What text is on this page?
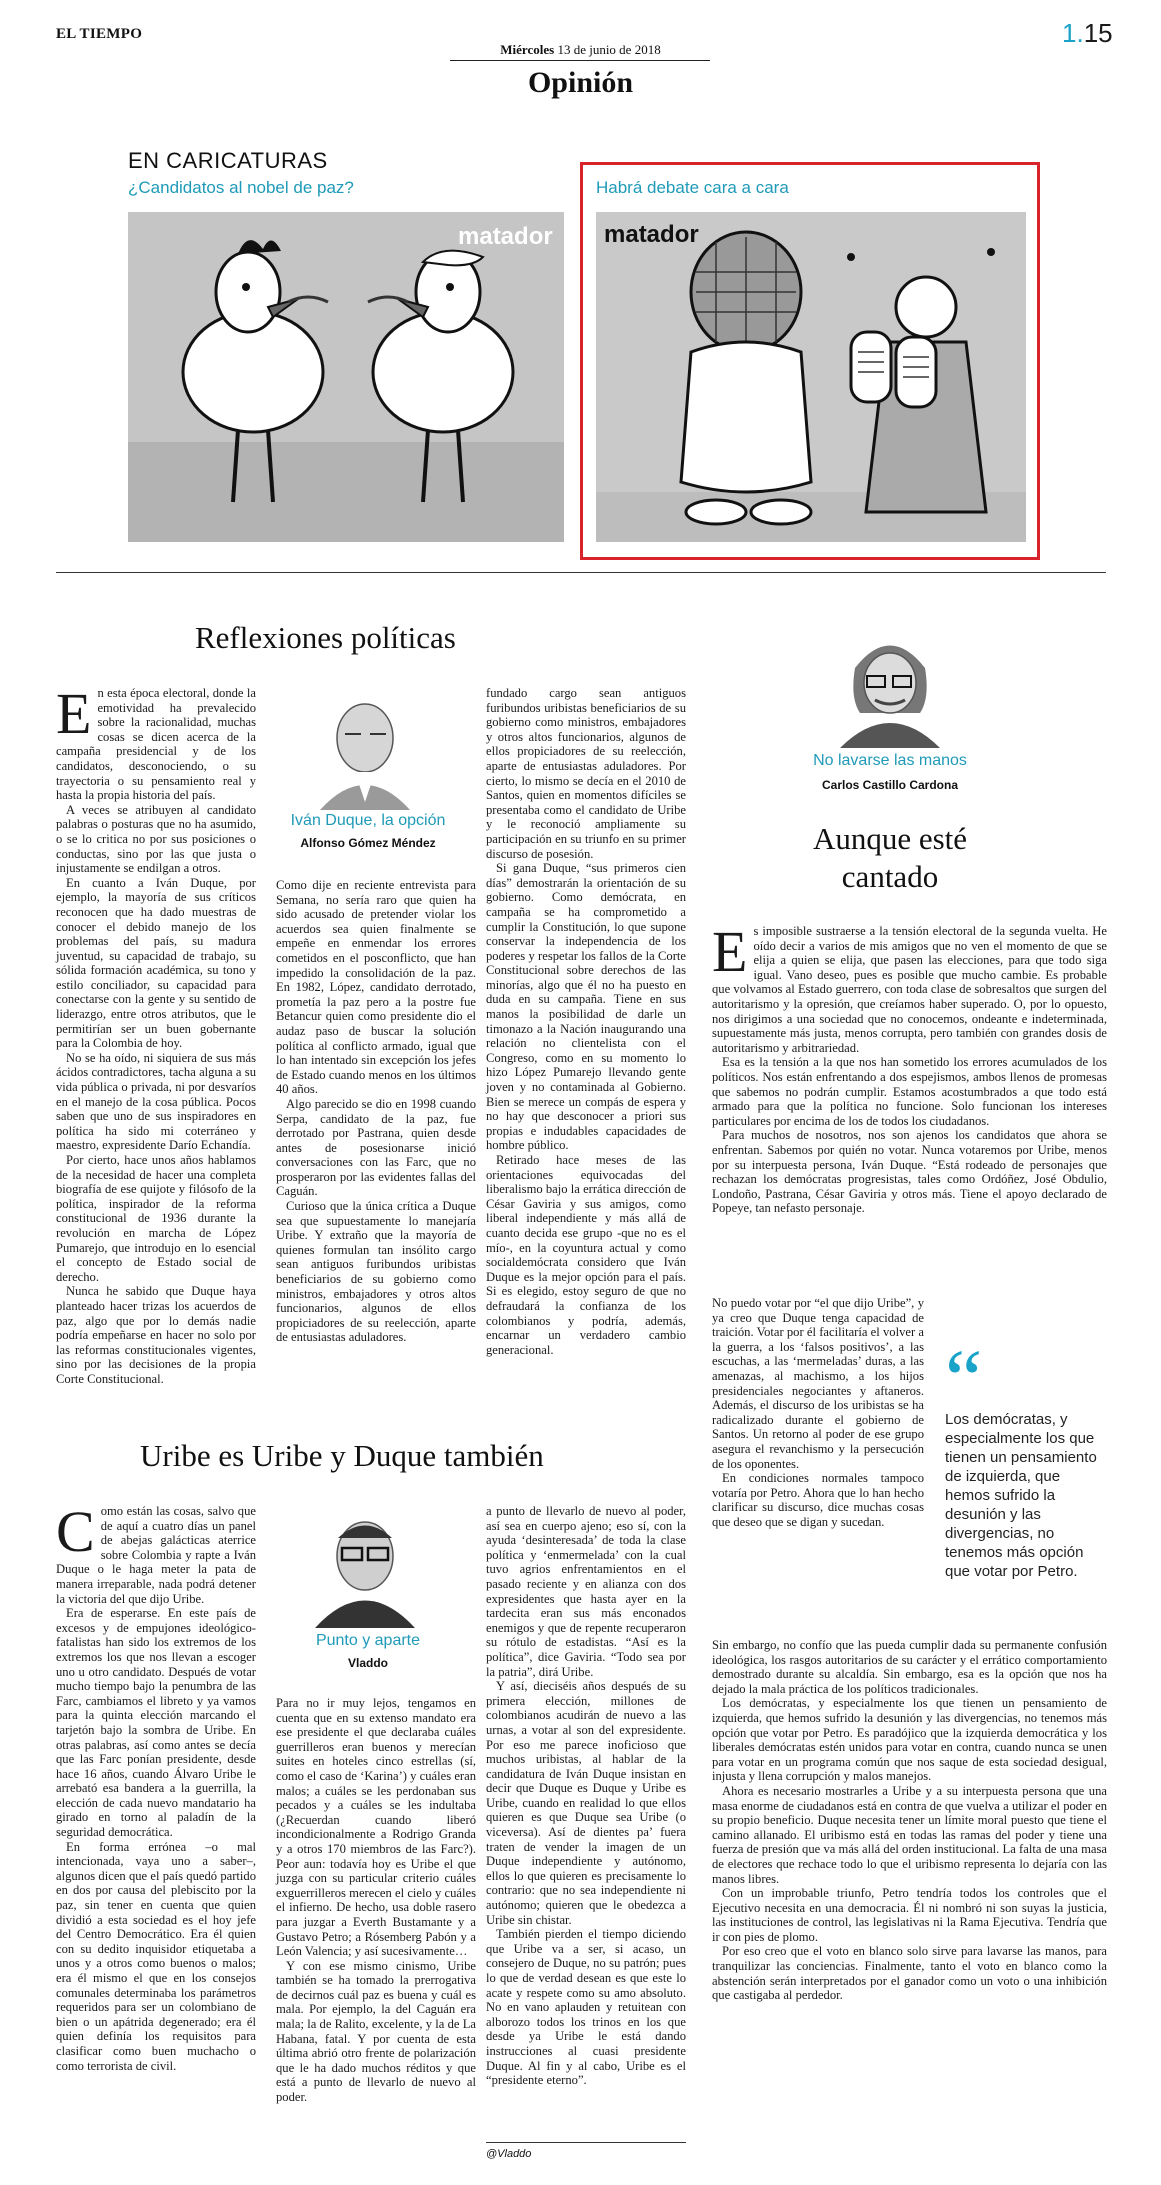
EL TIEMPO
Miércoles 13 de junio de 2018
1.15
Opinión
EN CARICATURAS
¿Candidatos al nobel de paz?
matador
Habrá debate cara a cara
matador
Reflexiones políticas
E n esta época electoral, donde la emotividad ha prevalecido sobre la racionalidad, muchas cosas se dicen acerca de la campaña presidencial y de los candidatos, desconociendo, o su trayectoria o su pensamiento real y hasta la propia historia del país.

A veces se atribuyen al candidato palabras o posturas que no ha asumido, o se lo critica no por sus posiciones o conductas, sino por las que justa o injustamente se endilgan a otros.

En cuanto a Iván Duque, por ejemplo, la mayoría de sus críticos reconocen que ha dado muestras de conocer el debido manejo de los problemas del país, su madura juventud, su capacidad de trabajo, su sólida formación académica, su tono y estilo conciliador, su capacidad para conectarse con la gente y su sentido de liderazgo, entre otros atributos, que le permitirían ser un buen gobernante para la Colombia de hoy.

No se ha oído, ni siquiera de sus más ácidos contradictores, tacha alguna a su vida pública o privada, ni por desvaríos en el manejo de la cosa pública. Pocos saben que uno de sus inspiradores en política ha sido mi coterráneo y maestro, expresidente Darío Echandía.

Por cierto, hace unos años hablamos de la necesidad de hacer una completa biografía de ese quijote y filósofo de la política, inspirador de la reforma constitucional de 1936 durante la revolución en marcha de López Pumarejo, que introdujo en lo esencial el concepto de Estado social de derecho.

Nunca he sabido que Duque haya planteado hacer trizas los acuerdos de paz, algo que por lo demás nadie podría empeñarse en hacer no solo por las reformas constitucionales vigentes, sino por las decisiones de la propia Corte Constitucional.

Iván Duque, la opción
Alfonso Gómez Méndez

Como dije en reciente entrevista para Semana, no sería raro que quien ha sido acusado de pretender violar los acuerdos sea quien finalmente se empeñe en enmendar los errores cometidos en el posconflicto, que han impedido la consolidación de la paz. En 1982, López, candidato derrotado, prometía la paz pero a la postre fue Betancur quien como presidente dio el audaz paso de buscar la solución política al conflicto armado, igual que lo han intentado sin excepción los jefes de Estado cuando menos en los últimos 40 años.

Algo parecido se dio en 1998 cuando Serpa, candidato de la paz, fue derrotado por Pastrana, quien desde antes de posesionarse inició conversaciones con las Farc, que no prosperaron por las evidentes fallas del Caguán.

Curioso que la única crítica a Duque sea que supuestamente lo manejaría Uribe. Y extraño que la mayoría de quienes formulan tan insólito cargo sean antiguos furibundos uribistas beneficiarios de su gobierno como ministros, embajadores y otros altos funcionarios, algunos de ellos propiciadores de su reelección, aparte de entusiastas aduladores.

fundado cargo sean antiguos furibundos uribistas beneficiarios de su gobierno como ministros, embajadores y otros altos funcionarios, algunos de ellos propiciadores de su reelección, aparte de entusiastas aduladores. Por cierto, lo mismo se decía en el 2010 de Santos, quien en momentos difíciles se presentaba como el candidato de Uribe y le reconoció ampliamente su participación en su triunfo en su primer discurso de posesión.

Si gana Duque, “sus primeros cien días” demostrarán la orientación de su gobierno. Como demócrata, en campaña se ha comprometido a cumplir la Constitución, lo que supone conservar la independencia de los poderes y respetar los fallos de la Corte Constitucional sobre derechos de las minorías, algo que él no ha puesto en duda en su campaña. Tiene en sus manos la posibilidad de darle un timonazo a la Nación inaugurando una relación no clientelista con el Congreso, como en su momento lo hizo López Pumarejo llevando gente joven y no contaminada al Gobierno. Bien se merece un compás de espera y no hay que desconocer a priori sus propias e indudables capacidades de hombre público.

Retirado hace meses de las orientaciones equivocadas del liberalismo bajo la errática dirección de César Gaviria y sus amigos, como liberal independiente y más allá de cuanto decida ese grupo -que no es el mío-, en la coyuntura actual y como socialdemócrata considero que Iván Duque es la mejor opción para el país. Si es elegido, estoy seguro de que no defraudará la confianza de los colombianos y podría, además, encarnar un verdadero cambio generacional.

Uribe es Uribe y Duque también
C omo están las cosas, salvo que de aquí a cuatro días un panel de abejas galácticas aterrice sobre Colombia y rapte a Iván Duque o le haga meter la pata de manera irreparable, nada podrá detener la victoria del que dijo Uribe.

Era de esperarse. En este país de excesos y de empujones ideológico-fatalistas han sido los extremos de los extremos los que nos llevan a escoger uno u otro candidato. Después de votar mucho tiempo bajo la penumbra de las Farc, cambiamos el libreto y ya vamos para la quinta elección marcando el tarjetón bajo la sombra de Uribe. En otras palabras, así como antes se decía que las Farc ponían presidente, desde hace 16 años, cuando Álvaro Uribe le arrebató esa bandera a la guerrilla, la elección de cada nuevo mandatario ha girado en torno al paladín de la seguridad democrática.

En forma errónea –o mal intencionada, vaya uno a saber–, algunos dicen que el país quedó partido en dos por causa del plebiscito por la paz, sin tener en cuenta que quien dividió a esta sociedad es el hoy jefe del Centro Democrático. Era él quien con su dedito inquisidor etiquetaba a unos y a otros como buenos o malos; era él mismo el que en los consejos comunales determinaba los parámetros requeridos para ser un colombiano de bien o un apátrida degenerado; era él quien definía los requisitos para clasificar como buen muchacho o como terrorista de civil.

Punto y aparte
Vladdo

Para no ir muy lejos, tengamos en cuenta que en su extenso mandato era ese presidente el que declaraba cuáles guerrilleros eran buenos y merecían suites en hoteles cinco estrellas (sí, como el caso de ‘Karina’) y cuáles eran malos; a cuáles se les perdonaban sus pecados y a cuáles se les indultaba (¿Recuerdan cuando liberó incondicionalmente a Rodrigo Granda y a otros 170 miembros de las Farc?). Peor aun: todavía hoy es Uribe el que juzga con su particular criterio cuáles exguerrilleros merecen el cielo y cuáles el infierno. De hecho, usa doble rasero para juzgar a Everth Bustamante y a Gustavo Petro; a Rósemberg Pabón y a León Valencia; y así sucesivamente…

Y con ese mismo cinismo, Uribe también se ha tomado la prerrogativa de decirnos cuál paz es buena y cuál es mala. Por ejemplo, la del Caguán era mala; la de Ralito, excelente, y la de La Habana, fatal. Y por cuenta de esta última abrió otro frente de polarización que le ha dado muchos réditos y que está a punto de llevarlo de nuevo al poder.

a punto de llevarlo de nuevo al poder, así sea en cuerpo ajeno; eso sí, con la ayuda ‘desinteresada’ de toda la clase política y ‘enmermelada’ con la cual tuvo agrios enfrentamientos en el pasado reciente y en alianza con dos expresidentes que hasta ayer en la tardecita eran sus más enconados enemigos y que de repente recuperaron su rótulo de estadistas. “Así es la política”, dice Gaviria. “Todo sea por la patria”, dirá Uribe.

Y así, dieciséis años después de su primera elección, millones de colombianos acudirán de nuevo a las urnas, a votar al son del expresidente. Por eso me parece inoficioso que muchos uribistas, al hablar de la candidatura de Iván Duque insistan en decir que Duque es Duque y Uribe es Uribe, cuando en realidad lo que ellos quieren es que Duque sea Uribe (o viceversa). Así de dientes pa’ fuera traten de vender la imagen de un Duque independiente y autónomo, ellos lo que quieren es precisamente lo contrario: que no sea independiente ni autónomo; quieren que le obedezca a Uribe sin chistar.

También pierden el tiempo diciendo que Uribe va a ser, si acaso, un consejero de Duque, no su patrón; pues lo que de verdad desean es que este lo acate y respete como su amo absoluto. No en vano aplauden y retuitean con alborozo todos los trinos en los que desde ya Uribe le está dando instrucciones al cuasi presidente Duque. Al fin y al cabo, Uribe es el “presidente eterno”.

@Vladdo
No lavarse las manos
Carlos Castillo Cardona
Aunque esté
cantado
E s imposible sustraerse a la tensión electoral de la segunda vuelta. He oído decir a varios de mis amigos que no ven el momento de que se elija a quien se elija, que pasen las elecciones, para que todo siga igual. Vano deseo, pues es posible que mucho cambie. Es probable que volvamos al Estado guerrero, con toda clase de sobresaltos que surgen del autoritarismo y la opresión, que creíamos haber superado. O, por lo opuesto, nos dirigimos a una sociedad que no conocemos, ondeante e indeterminada, supuestamente más justa, menos corrupta, pero también con grandes dosis de autoritarismo y arbitrariedad.

Esa es la tensión a la que nos han sometido los errores acumulados de los políticos. Nos están enfrentando a dos espejismos, ambos llenos de promesas que sabemos no podrán cumplir. Estamos acostumbrados a que todo está armado para que la política no funcione. Solo funcionan los intereses particulares por encima de los de todos los ciudadanos.

Para muchos de nosotros, nos son ajenos los candidatos que ahora se enfrentan. Sabemos por quién no votar. Nunca votaremos por Uribe, menos por su interpuesta persona, Iván Duque. “Está rodeado de personajes que rechazan los demócratas progresistas, tales como Ordóñez, José Obdulio, Londoño, Pastrana, César Gaviria y otros más. Tiene el apoyo declarado de Popeye, tan nefasto personaje.

No puedo votar por “el que dijo Uribe”, y ya creo que Duque tenga capacidad de traición. Votar por él facilitaría el volver a la guerra, a los ‘falsos positivos’, a las escuchas, a las ‘mermeladas’ duras, a las amenazas, al machismo, a los hijos presidenciales negociantes y aftaneros. Además, el discurso de los uribistas se ha radicalizado durante el gobierno de Santos. Un retorno al poder de ese grupo asegura el revanchismo y la persecución de los oponentes.

En condiciones normales tampoco votaría por Petro. Ahora que lo han hecho clarificar su discurso, dice muchas cosas que deseo que se digan y sucedan.

“
Los demócratas, y especialmente los que tienen un pensamiento de izquierda, que hemos sufrido la desunión y las divergencias, no tenemos más opción que votar por Petro.

Sin embargo, no confío que las pueda cumplir dada su permanente confusión ideológica, los rasgos autoritarios de su carácter y el errático comportamiento demostrado durante su alcaldía. Sin embargo, esa es la opción que nos ha dejado la mala práctica de los políticos tradicionales.

Los demócratas, y especialmente los que tienen un pensamiento de izquierda, que hemos sufrido la desunión y las divergencias, no tenemos más opción que votar por Petro. Es paradójico que la izquierda democrática y los liberales demócratas estén unidos para votar en contra, cuando nunca se unen para votar en un programa común que nos saque de esta sociedad desigual, injusta y llena corrupción y malos manejos.

Ahora es necesario mostrarles a Uribe y a su interpuesta persona que una masa enorme de ciudadanos está en contra de que vuelva a utilizar el poder en su propio beneficio. Duque necesita tener un límite moral puesto que tiene el camino allanado. El uribismo está en todas las ramas del poder y tiene una fuerza de presión que va más allá del orden institucional. La falta de una masa de electores que rechace todo lo que el uribismo representa lo dejaría con las manos libres.

Con un improbable triunfo, Petro tendría todos los controles que el Ejecutivo necesita en una democracia. Él ni nombró ni son suyas la justicia, las instituciones de control, las legislativas ni la Rama Ejecutiva. Tendría que ir con pies de plomo.

Por eso creo que el voto en blanco solo sirve para lavarse las manos, para tranquilizar las conciencias. Finalmente, tanto el voto en blanco como la abstención serán interpretados por el ganador como un voto o una inhibición que castigaba al perdedor.
